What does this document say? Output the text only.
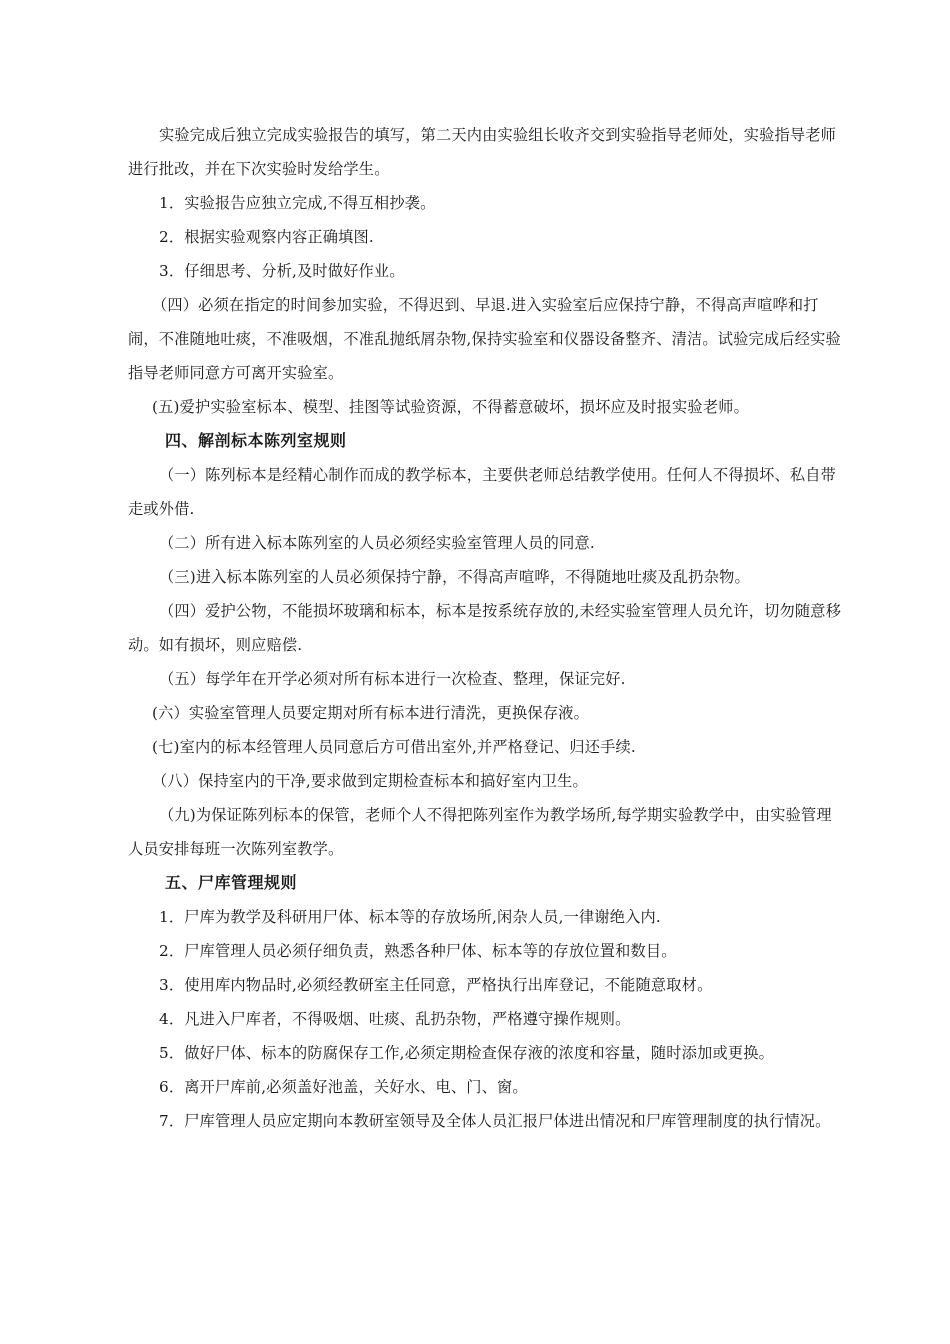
实验完成后独立完成实验报告的填写，第二天内由实验组长收齐交到实验指导老师处，实验指导老师进行批改，并在下次实验时发给学生。

1．实验报告应独立完成,不得互相抄袭。

2．根据实验观察内容正确填图.

3．仔细思考、分析,及时做好作业。

（四）必须在指定的时间参加实验，不得迟到、早退.进入实验室后应保持宁静，不得高声喧哗和打闹，不准随地吐痰，不准吸烟，不准乱抛纸屑杂物,保持实验室和仪器设备整齐、清洁。试验完成后经实验指导老师同意方可离开实验室。

(五)爱护实验室标本、模型、挂图等试验资源，不得蓄意破坏，损坏应及时报实验老师。

四、解剖标本陈列室规则

（一）陈列标本是经精心制作而成的教学标本，主要供老师总结教学使用。任何人不得损坏、私自带走或外借.

（二）所有进入标本陈列室的人员必须经实验室管理人员的同意.

（三)进入标本陈列室的人员必须保持宁静，不得高声喧哗，不得随地吐痰及乱扔杂物。

（四）爱护公物，不能损坏玻璃和标本，标本是按系统存放的,未经实验室管理人员允许，切勿随意移动。如有损坏，则应赔偿.

（五）每学年在开学必须对所有标本进行一次检查、整理，保证完好.

(六）实验室管理人员要定期对所有标本进行清洗，更换保存液。

(七)室内的标本经管理人员同意后方可借出室外,并严格登记、归还手续.

（八）保持室内的干净,要求做到定期检查标本和搞好室内卫生。

（九)为保证陈列标本的保管，老师个人不得把陈列室作为教学场所,每学期实验教学中，由实验管理人员安排每班一次陈列室教学。

五、尸库管理规则

1．尸库为教学及科研用尸体、标本等的存放场所,闲杂人员,一律谢绝入内.

2．尸库管理人员必须仔细负责，熟悉各种尸体、标本等的存放位置和数目。

3．使用库内物品时,必须经教研室主任同意，严格执行出库登记，不能随意取材。

4．凡进入尸库者，不得吸烟、吐痰、乱扔杂物，严格遵守操作规则。

5．做好尸体、标本的防腐保存工作,必须定期检查保存液的浓度和容量，随时添加或更换。

6．离开尸库前,必须盖好池盖，关好水、电、门、窗。

7．尸库管理人员应定期向本教研室领导及全体人员汇报尸体进出情况和尸库管理制度的执行情况。
